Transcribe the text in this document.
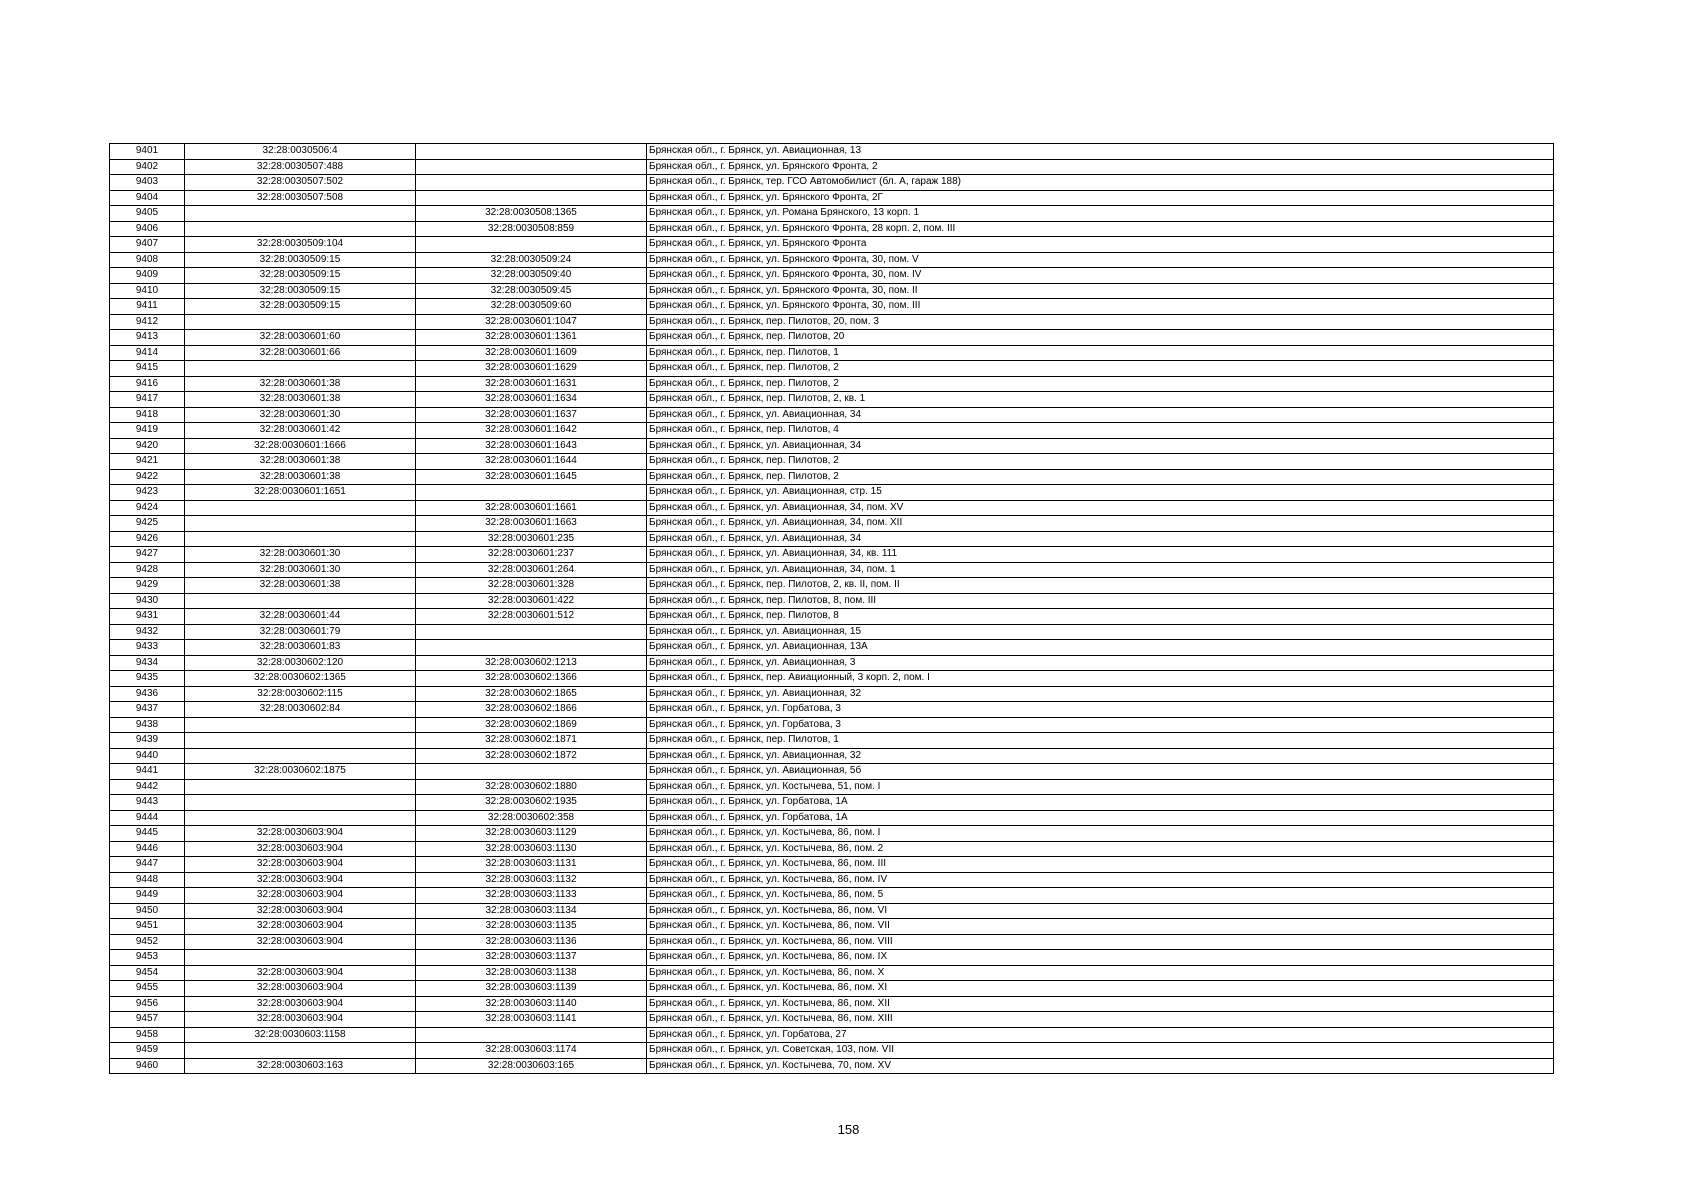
9401	32:28:0030506:4		Брянская обл., г. Брянск, ул. Авиационная, 13
9402	32:28:0030507:488		Брянская обл., г. Брянск, ул. Брянского Фронта, 2
9403	32:28:0030507:502		Брянская обл., г. Брянск, тер. ГСО Автомобилист (бл. А, гараж 188)
9404	32:28:0030507:508		Брянская обл., г. Брянск, ул. Брянского Фронта, 2Г
9405		32:28:0030508:1365	Брянская обл., г. Брянск, ул. Романа Брянского, 13 корп. 1
9406		32:28:0030508:859	Брянская обл., г. Брянск, ул. Брянского Фронта, 28 корп. 2, пом. III
9407	32:28:0030509:104		Брянская обл., г. Брянск, ул. Брянского Фронта
9408	32:28:0030509:15	32:28:0030509:24	Брянская обл., г. Брянск, ул. Брянского Фронта, 30, пом. V
9409	32:28:0030509:15	32:28:0030509:40	Брянская обл., г. Брянск, ул. Брянского Фронта, 30, пом. IV
9410	32:28:0030509:15	32:28:0030509:45	Брянская обл., г. Брянск, ул. Брянского Фронта, 30, пом. II
9411	32:28:0030509:15	32:28:0030509:60	Брянская обл., г. Брянск, ул. Брянского Фронта, 30, пом. III
9412		32:28:0030601:1047	Брянская обл., г. Брянск, пер. Пилотов, 20, пом. 3
9413	32:28:0030601:60	32:28:0030601:1361	Брянская обл., г. Брянск, пер. Пилотов, 20
9414	32:28:0030601:66	32:28:0030601:1609	Брянская обл., г. Брянск, пер. Пилотов, 1
9415		32:28:0030601:1629	Брянская обл., г. Брянск, пер. Пилотов, 2
9416	32:28:0030601:38	32:28:0030601:1631	Брянская обл., г. Брянск, пер. Пилотов, 2
9417	32:28:0030601:38	32:28:0030601:1634	Брянская обл., г. Брянск, пер. Пилотов, 2, кв. 1
9418	32:28:0030601:30	32:28:0030601:1637	Брянская обл., г. Брянск, ул. Авиационная, 34
9419	32:28:0030601:42	32:28:0030601:1642	Брянская обл., г. Брянск, пер. Пилотов, 4
9420	32:28:0030601:1666	32:28:0030601:1643	Брянская обл., г. Брянск, ул. Авиационная, 34
9421	32:28:0030601:38	32:28:0030601:1644	Брянская обл., г. Брянск, пер. Пилотов, 2
9422	32:28:0030601:38	32:28:0030601:1645	Брянская обл., г. Брянск, пер. Пилотов, 2
9423	32:28:0030601:1651		Брянская обл., г. Брянск, ул. Авиационная, стр. 15
9424		32:28:0030601:1661	Брянская обл., г. Брянск, ул. Авиационная, 34, пом. XV
9425		32:28:0030601:1663	Брянская обл., г. Брянск, ул. Авиационная, 34, пом. XII
9426		32:28:0030601:235	Брянская обл., г. Брянск, ул. Авиационная, 34
9427	32:28:0030601:30	32:28:0030601:237	Брянская обл., г. Брянск, ул. Авиационная, 34, кв. 111
9428	32:28:0030601:30	32:28:0030601:264	Брянская обл., г. Брянск, ул. Авиационная, 34, пом. 1
9429	32:28:0030601:38	32:28:0030601:328	Брянская обл., г. Брянск, пер. Пилотов, 2, кв. II, пом. II
9430		32:28:0030601:422	Брянская обл., г. Брянск, пер. Пилотов, 8, пом. III
9431	32:28:0030601:44	32:28:0030601:512	Брянская обл., г. Брянск, пер. Пилотов, 8
9432	32:28:0030601:79		Брянская обл., г. Брянск, ул. Авиационная, 15
9433	32:28:0030601:83		Брянская обл., г. Брянск, ул. Авиационная, 13А
9434	32:28:0030602:120	32:28:0030602:1213	Брянская обл., г. Брянск, ул. Авиационная, 3
9435	32:28:0030602:1365	32:28:0030602:1366	Брянская обл., г. Брянск, пер. Авиационный, 3 корп. 2, пом. I
9436	32:28:0030602:115	32:28:0030602:1865	Брянская обл., г. Брянск, ул. Авиационная, 32
9437	32:28:0030602:84	32:28:0030602:1866	Брянская обл., г. Брянск, ул. Горбатова, 3
9438		32:28:0030602:1869	Брянская обл., г. Брянск, ул. Горбатова, 3
9439		32:28:0030602:1871	Брянская обл., г. Брянск, пер. Пилотов, 1
9440		32:28:0030602:1872	Брянская обл., г. Брянск, ул. Авиационная, 32
9441	32:28:0030602:1875		Брянская обл., г. Брянск, ул. Авиационная, 5б
9442		32:28:0030602:1880	Брянская обл., г. Брянск, ул. Костычева, 51, пом. I
9443		32:28:0030602:1935	Брянская обл., г. Брянск, ул. Горбатова, 1А
9444		32:28:0030602:358	Брянская обл., г. Брянск, ул. Горбатова, 1А
9445	32:28:0030603:904	32:28:0030603:1129	Брянская обл., г. Брянск, ул. Костычева, 86, пом. I
9446	32:28:0030603:904	32:28:0030603:1130	Брянская обл., г. Брянск, ул. Костычева, 86, пом. 2
9447	32:28:0030603:904	32:28:0030603:1131	Брянская обл., г. Брянск, ул. Костычева, 86, пом. III
9448	32:28:0030603:904	32:28:0030603:1132	Брянская обл., г. Брянск, ул. Костычева, 86, пом. IV
9449	32:28:0030603:904	32:28:0030603:1133	Брянская обл., г. Брянск, ул. Костычева, 86, пом. 5
9450	32:28:0030603:904	32:28:0030603:1134	Брянская обл., г. Брянск, ул. Костычева, 86, пом. VI
9451	32:28:0030603:904	32:28:0030603:1135	Брянская обл., г. Брянск, ул. Костычева, 86, пом. VII
9452	32:28:0030603:904	32:28:0030603:1136	Брянская обл., г. Брянск, ул. Костычева, 86, пом. VIII
9453		32:28:0030603:1137	Брянская обл., г. Брянск, ул. Костычева, 86, пом. IX
9454	32:28:0030603:904	32:28:0030603:1138	Брянская обл., г. Брянск, ул. Костычева, 86, пом. X
9455	32:28:0030603:904	32:28:0030603:1139	Брянская обл., г. Брянск, ул. Костычева, 86, пом. XI
9456	32:28:0030603:904	32:28:0030603:1140	Брянская обл., г. Брянск, ул. Костычева, 86, пом. XII
9457	32:28:0030603:904	32:28:0030603:1141	Брянская обл., г. Брянск, ул. Костычева, 86, пом. XIII
9458	32:28:0030603:1158		Брянская обл., г. Брянск, ул. Горбатова, 27
9459		32:28:0030603:1174	Брянская обл., г. Брянск, ул. Советская, 103, пом. VII
9460	32:28:0030603:163	32:28:0030603:165	Брянская обл., г. Брянск, ул. Костычева, 70, пом. XV
158
